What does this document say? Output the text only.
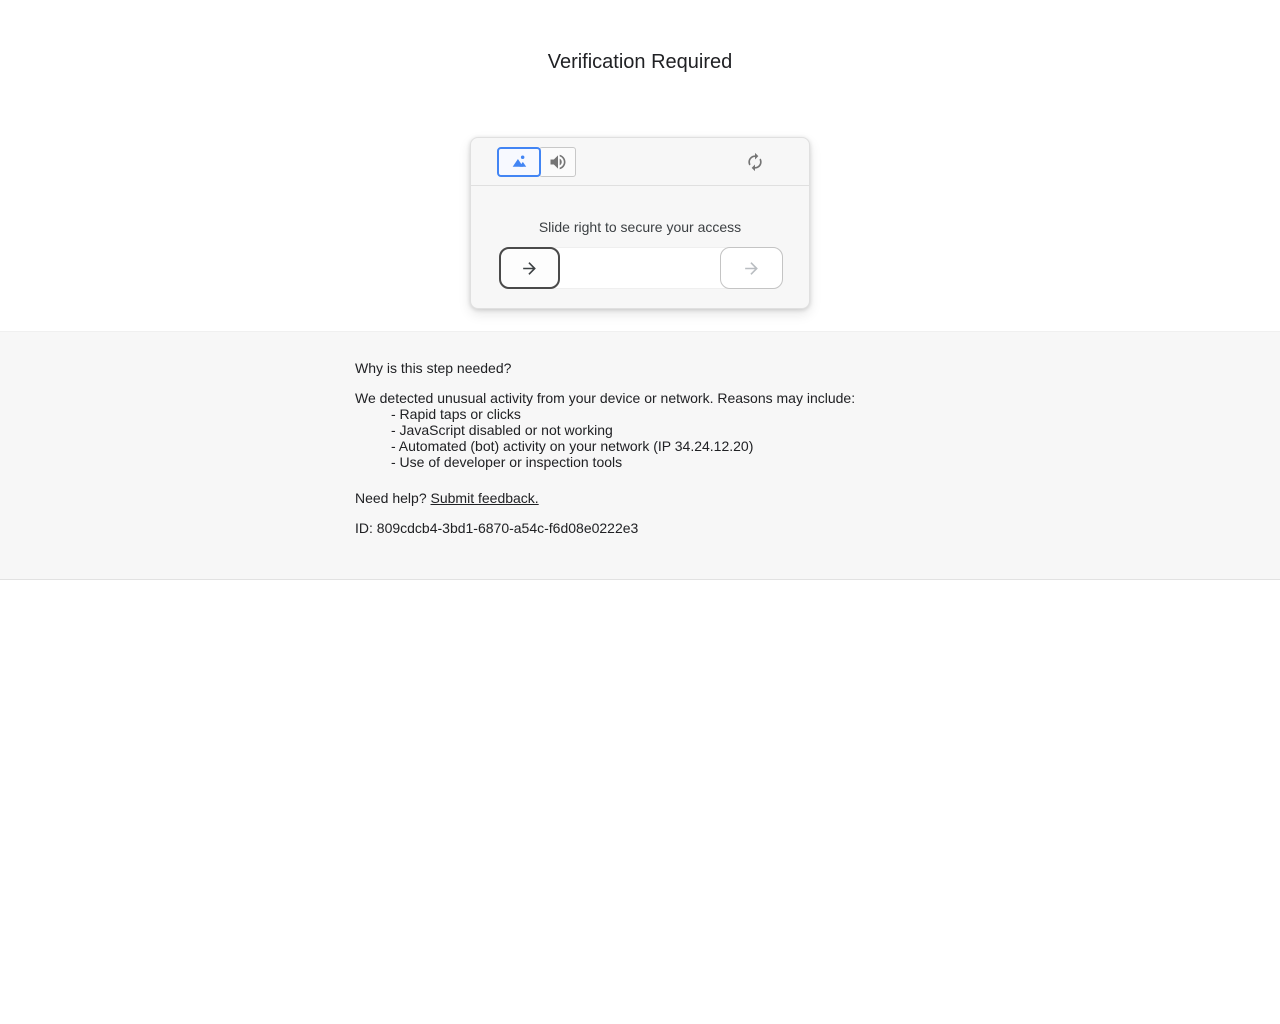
Verification Required
Slide right to secure your access

Why is this step needed?

We detected unusual activity from your device or network. Reasons may include:

- Rapid taps or clicks
- JavaScript disabled or not working
- Automated (bot) activity on your network (IP 34.24.12.20)
- Use of developer or inspection tools

Need help? Submit feedback.

ID: 809cdcb4-3bd1-6870-a54c-f6d08e0222e3
